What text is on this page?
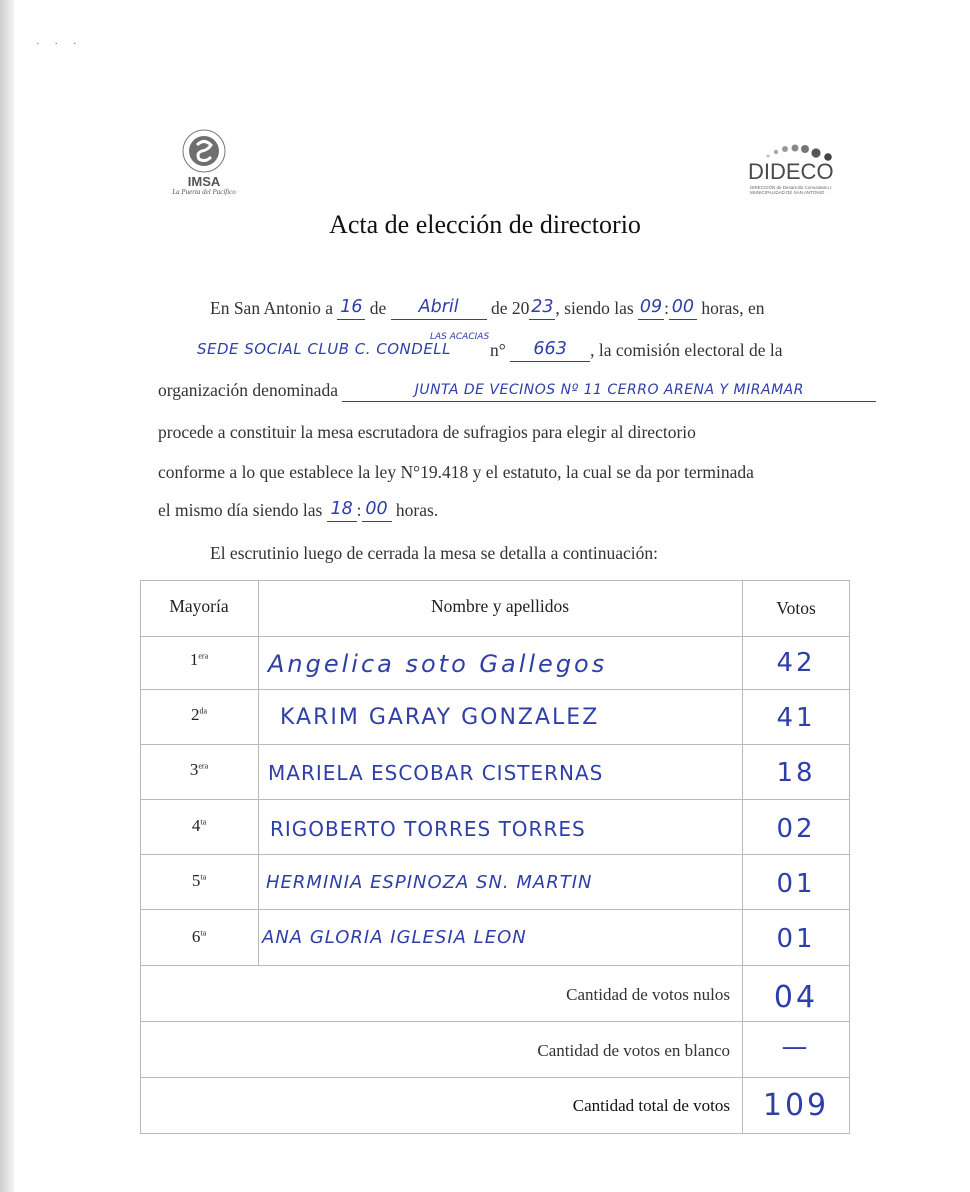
· · ·
IMSA
La Puerta del Pacífico
DIDECO
DIRECCIÓN de Desarrollo Comunitario I. MUNICIPALIDAD DE SAN ANTONIO
Acta de elección de directorio
En San Antonio a 16 de Abril de 20 23 , siendo las 09 : 00 horas, en
SEDE SOCIAL CLUB C. CONDELL
LAS ACACIAS
n° 663 , la comisión electoral de la
organización denominada	JUNTA DE VECINOS Nº 11 CERRO ARENA Y MIRAMAR
procede a constituir la mesa escrutadora de sufragios para elegir al directorio
conforme a lo que establece la ley N°19.418 y el estatuto, la cual se da por terminada
el mismo día siendo las 18 : 00 horas.
El escrutinio luego de cerrada la mesa se detalla a continuación:
Mayoría	Nombre y apellidos	Votos
$1^{era}$	Angelica soto Gallegos	42
$2^{da}$	KARIM GARAY GONZALEZ	41
$3^{era}$	MARIELA ESCOBAR CISTERNAS	18
$4^{ta}$	RIGOBERTO TORRES TORRES	02
$5^{ta}$	HERMINIA ESPINOZA SN. MARTIN	01
$6^{ta}$	ANA GLORIA IGLESIA LEON	01
Cantidad de votos nulos	04
Cantidad de votos en blanco	—
Cantidad total de votos	109
